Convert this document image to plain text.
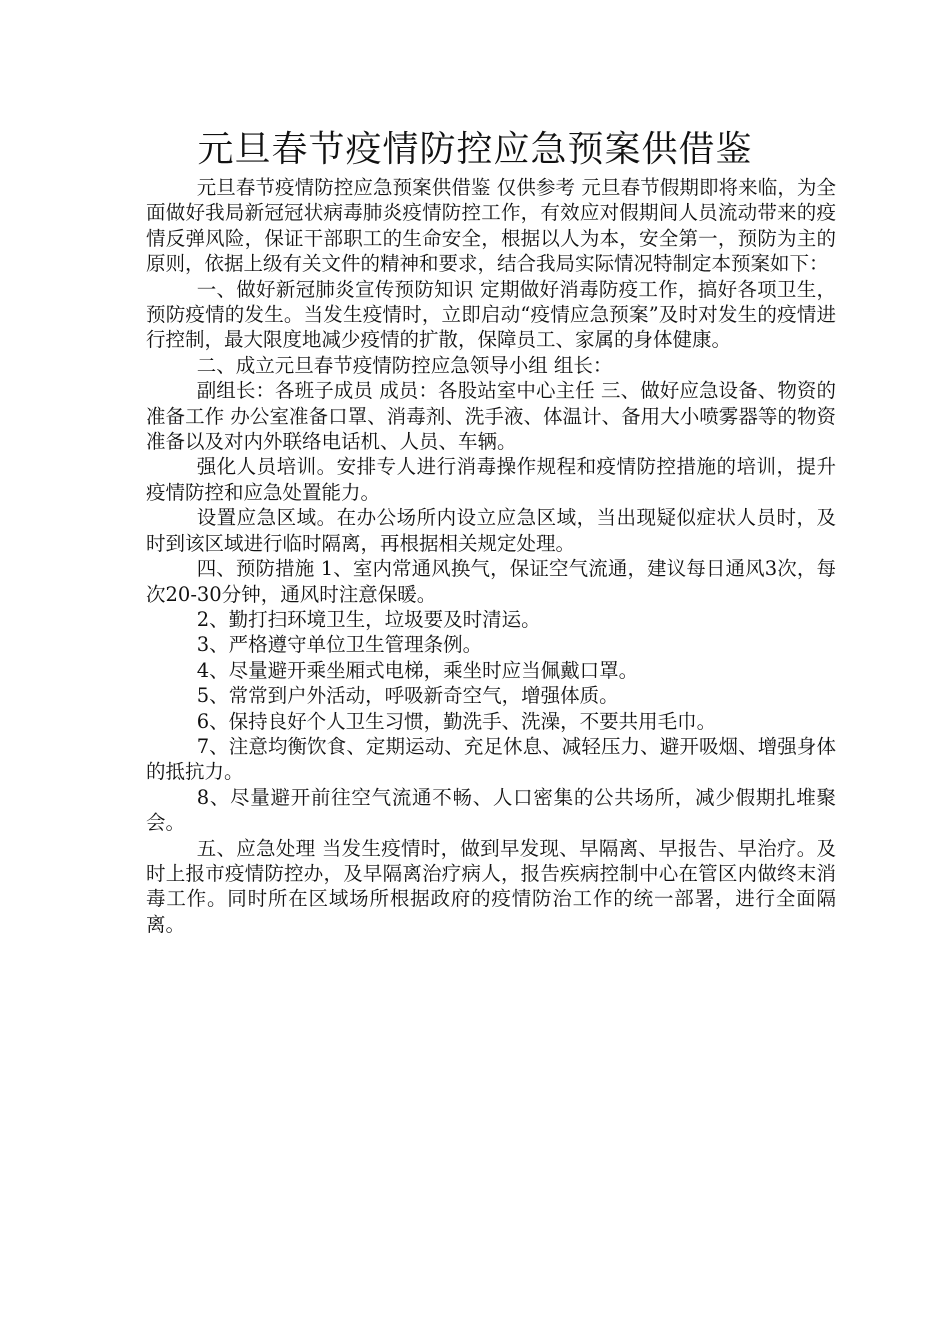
元旦春节疫情防控应急预案供借鉴

元旦春节疫情防控应急预案供借鉴 仅供参考 元旦春节假期即将来临，为全面做好我局新冠冠状病毒肺炎疫情防控工作，有效应对假期间人员流动带来的疫情反弹风险，保证干部职工的生命安全，根据以人为本，安全第一，预防为主的原则，依据上级有关文件的精神和要求，结合我局实际情况特制定本预案如下：

一、做好新冠肺炎宣传预防知识 定期做好消毒防疫工作，搞好各项卫生，预防疫情的发生。当发生疫情时，立即启动“疫情应急预案”及时对发生的疫情进行控制，最大限度地减少疫情的扩散，保障员工、家属的身体健康。

二、成立元旦春节疫情防控应急领导小组 组长：

副组长：各班子成员 成员：各股站室中心主任 三、做好应急设备、物资的准备工作 办公室准备口罩、消毒剂、洗手液、体温计、备用大小喷雾器等的物资准备以及对内外联络电话机、人员、车辆。

强化人员培训。安排专人进行消毒操作规程和疫情防控措施的培训，提升疫情防控和应急处置能力。

设置应急区域。在办公场所内设立应急区域，当出现疑似症状人员时，及时到该区域进行临时隔离，再根据相关规定处理。

四、预防措施 1、室内常通风换气，保证空气流通，建议每日通风3次，每次20-30分钟，通风时注意保暖。

2、勤打扫环境卫生，垃圾要及时清运。

3、严格遵守单位卫生管理条例。

4、尽量避开乘坐厢式电梯，乘坐时应当佩戴口罩。

5、常常到户外活动，呼吸新奇空气，增强体质。

6、保持良好个人卫生习惯，勤洗手、洗澡，不要共用毛巾。

7、注意均衡饮食、定期运动、充足休息、减轻压力、避开吸烟、增强身体的抵抗力。

8、尽量避开前往空气流通不畅、人口密集的公共场所，减少假期扎堆聚会。

五、应急处理 当发生疫情时，做到早发现、早隔离、早报告、早治疗。及时上报市疫情防控办，及早隔离治疗病人，报告疾病控制中心在管区内做终末消毒工作。同时所在区域场所根据政府的疫情防治工作的统一部署，进行全面隔离。
